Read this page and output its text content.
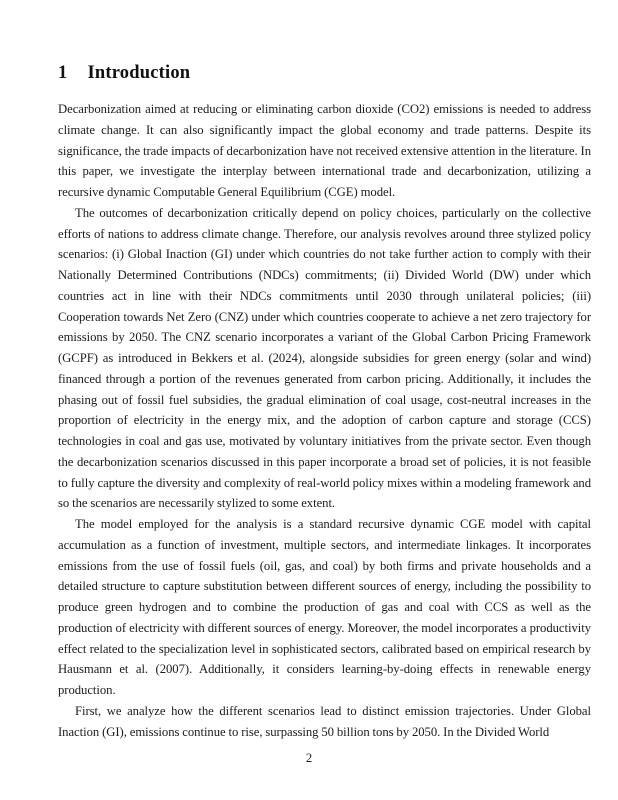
1 Introduction

Decarbonization aimed at reducing or eliminating carbon dioxide (CO2) emissions is needed to address climate change. It can also significantly impact the global economy and trade patterns. Despite its significance, the trade impacts of decarbonization have not received extensive attention in the literature. In this paper, we investigate the interplay between international trade and decarbonization, utilizing a recursive dynamic Computable General Equilibrium (CGE) model.

The outcomes of decarbonization critically depend on policy choices, particularly on the collective efforts of nations to address climate change. Therefore, our analysis revolves around three stylized policy scenarios: (i) Global Inaction (GI) under which countries do not take further action to comply with their Nationally Determined Contributions (NDCs) commitments; (ii) Divided World (DW) under which countries act in line with their NDCs commitments until 2030 through unilateral policies; (iii) Cooperation towards Net Zero (CNZ) under which countries cooperate to achieve a net zero trajectory for emissions by 2050. The CNZ scenario incorporates a variant of the Global Carbon Pricing Framework (GCPF) as introduced in Bekkers et al. (2024), alongside subsidies for green energy (solar and wind) financed through a portion of the revenues generated from carbon pricing. Additionally, it includes the phasing out of fossil fuel subsidies, the gradual elimination of coal usage, cost-neutral increases in the proportion of electricity in the energy mix, and the adoption of carbon capture and storage (CCS) technologies in coal and gas use, motivated by voluntary initiatives from the private sector. Even though the decarbonization scenarios discussed in this paper incorporate a broad set of policies, it is not feasible to fully capture the diversity and complexity of real-world policy mixes within a modeling framework and so the scenarios are necessarily stylized to some extent.

The model employed for the analysis is a standard recursive dynamic CGE model with capital accumulation as a function of investment, multiple sectors, and intermediate linkages. It incorporates emissions from the use of fossil fuels (oil, gas, and coal) by both firms and private households and a detailed structure to capture substitution between different sources of energy, including the possibility to produce green hydrogen and to combine the production of gas and coal with CCS as well as the production of electricity with different sources of energy. Moreover, the model incorporates a productivity effect related to the specialization level in sophisticated sectors, calibrated based on empirical research by Hausmann et al. (2007). Additionally, it considers learning-by-doing effects in renewable energy production.

First, we analyze how the different scenarios lead to distinct emission trajectories. Under Global Inaction (GI), emissions continue to rise, surpassing 50 billion tons by 2050. In the Divided World

2
